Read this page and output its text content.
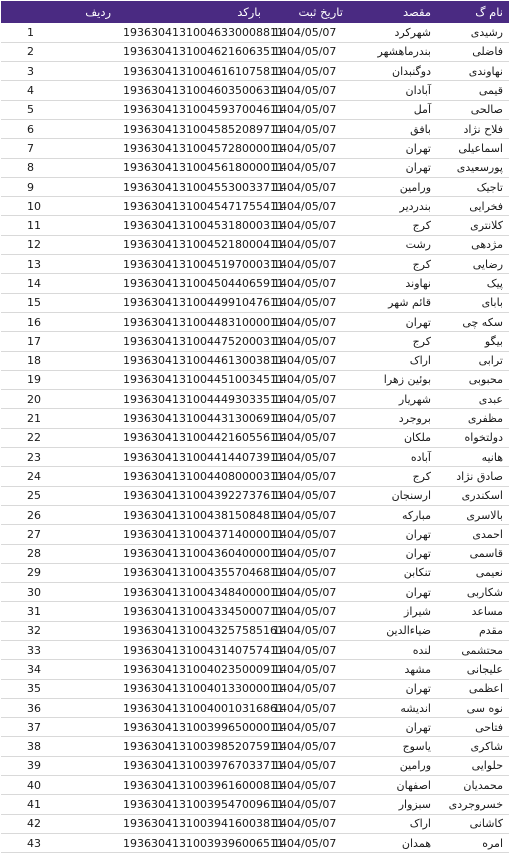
نام گ	مقصد	تاریخ ثبت	بارکد	ردیف
رشیدی	شهرکرد	1404/05/07	19363041310046330008811	1
فاضلی	بندرماهشهر	1404/05/07	19363041310046216063511	2
نهاوندی	دوگنبدان	1404/05/07	19363041310046161075811	3
قیمی	آبادان	1404/05/07	19363041310046035006311	4
صالحی	آمل	1404/05/07	19363041310045937004611	5
فلاح نژاد	بافق	1404/05/07	19363041310045852089711	6
اسماعیلی	تهران	1404/05/07	19363041310045728000011	7
پورسعیدی	تهران	1404/05/07	19363041310045618000011	8
تاجیک	ورامین	1404/05/07	19363041310045530033711	9
فخرایی	بندردیر	1404/05/07	19363041310045471755411	10
کلانتری	کرج	1404/05/07	19363041310045318000311	11
مژدهی	رشت	1404/05/07	19363041310045218000411	12
رضایی	کرج	1404/05/07	19363041310045197000311	13
پیک	نهاوند	1404/05/07	19363041310045044065911	14
بابای	قائم شهر	1404/05/07	19363041310044991047611	15
سکه چی	تهران	1404/05/07	19363041310044831000011	16
بیگو	کرج	1404/05/07	19363041310044752000311	17
ترابی	اراک	1404/05/07	19363041310044613003811	18
محبوبی	بوئین زهرا	1404/05/07	19363041310044510034511	19
عبدی	شهریار	1404/05/07	19363041310044493033511	20
مظفری	بروجرد	1404/05/07	19363041310044313006911	21
دولتخواه	ملکان	1404/05/07	19363041310044216055611	22
هانیه	آباده	1404/05/07	19363041310044144073911	23
صادق نژاد	کرج	1404/05/07	19363041310044080000311	24
اسکندری	ارسنجان	1404/05/07	19363041310043922737611	25
بالاسری	مبارکه	1404/05/07	19363041310043815084811	26
احمدی	تهران	1404/05/07	19363041310043714000011	27
قاسمی	تهران	1404/05/07	19363041310043604000011	28
نعیمی	تنکابن	1404/05/07	19363041310043557046811	29
شکاربی	تهران	1404/05/07	19363041310043484000011	30
مساعد	شیراز	1404/05/07	19363041310043345000711	31
مقدم	ضیاءالدین	1404/05/07	19363041310043257585161	32
محتشمی	لنده	1404/05/07	19363041310043140757411	33
علیجانی	مشهد	1404/05/07	19363041310040235000911	34
اعظمی	تهران	1404/05/07	19363041310040133000011	35
نوه سی	اندیشه	1404/05/07	19363041310040010316861	36
فتاحی	تهران	1404/05/07	19363041310039965000011	37
شاکری	یاسوج	1404/05/07	19363041310039852075911	38
حلوایی	ورامین	1404/05/07	19363041310039767033711	39
محمدیان	اصفهان	1404/05/07	19363041310039616000811	40
خسروجردی	سبزوار	1404/05/07	19363041310039547009611	41
کاشانی	اراک	1404/05/07	19363041310039416003811	42
امره	همدان	1404/05/07	19363041310039396006511	43
